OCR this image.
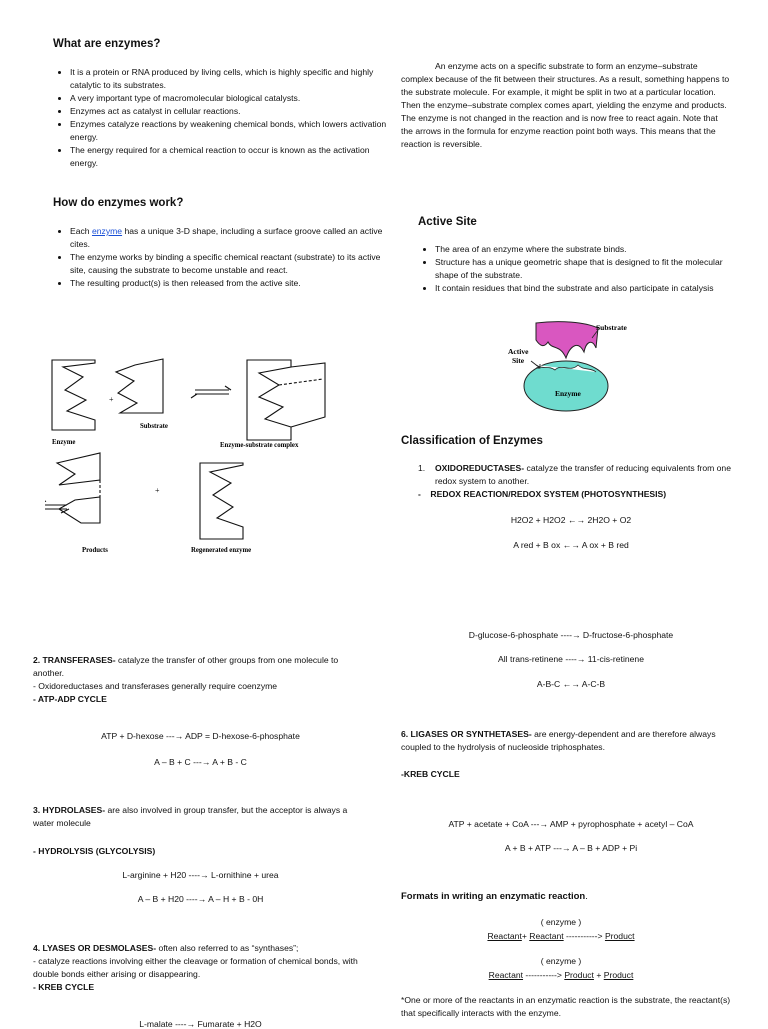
What are enzymes?
• It is a protein or RNA produced by living cells, which is highly specific and highly catalytic to its substrates.
• A very important type of macromolecular biological catalysts.
• Enzymes act as catalyst in cellular reactions.
• Enzymes catalyze reactions by weakening chemical bonds, which lowers activation energy.
• The energy required for a chemical reaction to occur is known as the activation energy.
How do enzymes work?
• Each enzyme has a unique 3-D shape, including a surface groove called an active cites.
• The enzyme works by binding a specific chemical reactant (substrate) to its active site, causing the substrate to become unstable and react.
• The resulting product(s) is then released from the active site.
+
+
Enzyme
Substrate
Enzyme-substrate complex
Products	Regenerated enzyme
2. TRANSFERASES- catalyze the transfer of other groups from one molecule to another.
- Oxidoreductases and transferases generally require coenzyme
- ATP-ADP CYCLE
ATP + D-hexose ---→ ADP = D-hexose-6-phosphate
A – B + C ---→ A + B - C
3. HYDROLASES- are also involved in group transfer, but the acceptor is always a water molecule
- HYDROLYSIS (GLYCOLYSIS)
L-arginine + H20 ----→ L-ornithine + urea
A – B + H20 ----→ A – H + B - 0H
4. LYASES OR DESMOLASES- often also referred to as “synthases”;
- catalyze reactions involving either the cleavage or formation of chemical bonds, with double bonds either arising or disappearing.
- KREB CYCLE
L-malate ----→ Fumarate + H2O
An enzyme acts on a specific substrate to form an enzyme–substrate complex because of the fit between their structures. As a result, something happens to the substrate molecule. For example, it might be split in two at a particular location. Then the enzyme–substrate complex comes apart, yielding the enzyme and products. The enzyme is not changed in the reaction and is now free to react again. Note that the arrows in the formula for enzyme reaction point both ways. This means that the reaction is reversible.
Active Site
• The area of an enzyme where the substrate binds.
• Structure has a unique geometric shape that is designed to fit the molecular shape of the substrate.
• It contain residues that bind the substrate and also participate in catalysis
Substrate
Active
Site
Enzyme
Classification of Enzymes
1. OXIDOREDUCTASES- catalyze the transfer of reducing equivalents from one redox system to another.
-    REDOX REACTION/REDOX SYSTEM (PHOTOSYNTHESIS)
H2O2 + H2O2 ←→ 2H2O + O2
A red + B ox ←→ A ox + B red
D-glucose-6-phosphate ----→ D-fructose-6-phosphate
All trans-retinene ----→ 11-cis-retinene
A-B-C ←→ A-C-B
6. LIGASES OR SYNTHETASES- are energy-dependent and are therefore always coupled to the hydrolysis of nucleoside triphosphates.
-KREB CYCLE
ATP + acetate + CoA ---→ AMP + pyrophosphate + acetyl – CoA
A + B + ATP ---→ A – B + ADP + Pi
Formats in writing an enzymatic reaction.
( enzyme )
Reactant+ Reactant -----------> Product
( enzyme )
Reactant -----------> Product + Product
*One or more of the reactants in an enzymatic reaction is the substrate, the reactant(s) that specifically interacts with the enzyme.
